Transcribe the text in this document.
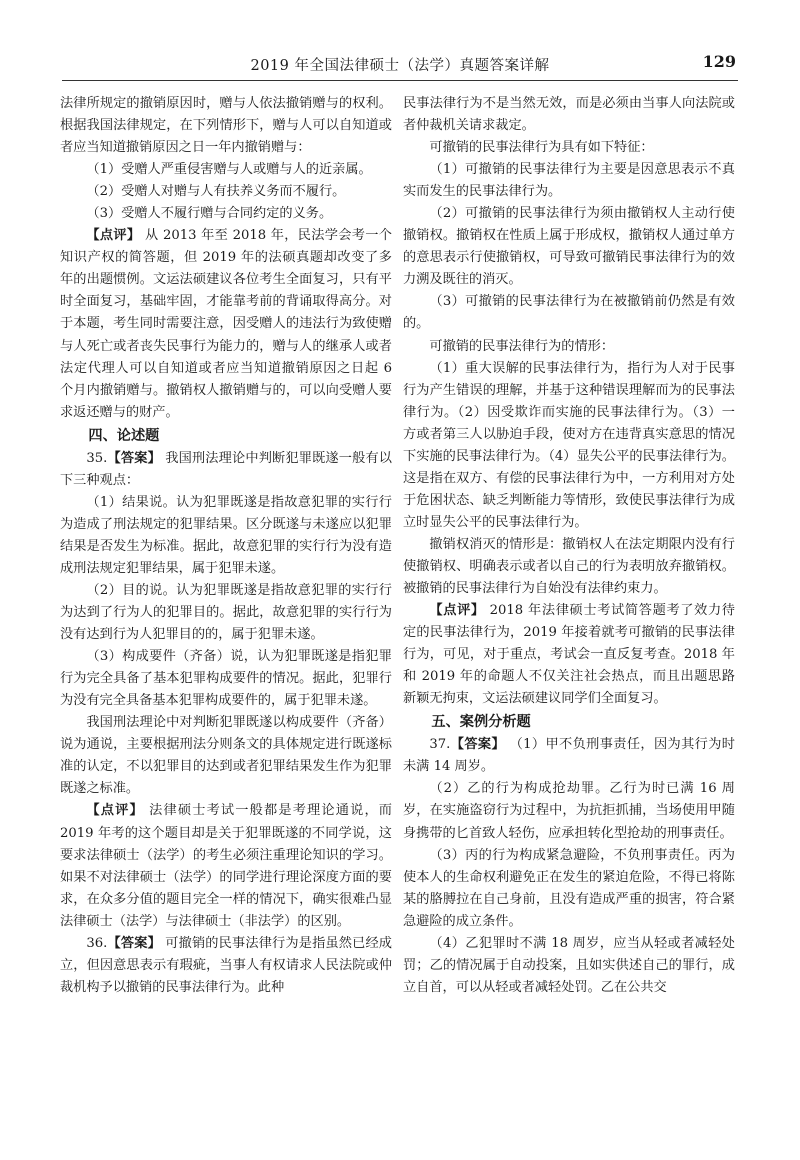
2019 年全国法律硕士（法学）真题答案详解	129

法律所规定的撤销原因时，赠与人依法撤销赠与的权利。根据我国法律规定，在下列情形下，赠与人可以自知道或者应当知道撤销原因之日一年内撤销赠与：

（1）受赠人严重侵害赠与人或赠与人的近亲属。

（2）受赠人对赠与人有扶养义务而不履行。

（3）受赠人不履行赠与合同约定的义务。

【点评】 从 2013 年至 2018 年，民法学会考一个知识产权的简答题，但 2019 年的法硕真题却改变了多年的出题惯例。文运法硕建议各位考生全面复习，只有平时全面复习，基础牢固，才能靠考前的背诵取得高分。对于本题，考生同时需要注意，因受赠人的违法行为致使赠与人死亡或者丧失民事行为能力的，赠与人的继承人或者法定代理人可以自知道或者应当知道撤销原因之日起 6 个月内撤销赠与。撤销权人撤销赠与的，可以向受赠人要求返还赠与的财产。

四、论述题

35.【答案】 我国刑法理论中判断犯罪既遂一般有以下三种观点：

（1）结果说。认为犯罪既遂是指故意犯罪的实行行为造成了刑法规定的犯罪结果。区分既遂与未遂应以犯罪结果是否发生为标准。据此，故意犯罪的实行行为没有造成刑法规定犯罪结果，属于犯罪未遂。

（2）目的说。认为犯罪既遂是指故意犯罪的实行行为达到了行为人的犯罪目的。据此，故意犯罪的实行行为没有达到行为人犯罪目的的，属于犯罪未遂。

（3）构成要件（齐备）说，认为犯罪既遂是指犯罪行为完全具备了基本犯罪构成要件的情况。据此，犯罪行为没有完全具备基本犯罪构成要件的，属于犯罪未遂。

我国刑法理论中对判断犯罪既遂以构成要件（齐备）说为通说，主要根据刑法分则条文的具体规定进行既遂标准的认定，不以犯罪目的达到或者犯罪结果发生作为犯罪既遂之标准。

【点评】 法律硕士考试一般都是考理论通说，而 2019 年考的这个题目却是关于犯罪既遂的不同学说，这要求法律硕士（法学）的考生必须注重理论知识的学习。如果不对法律硕士（法学）的同学进行理论深度方面的要求，在众多分值的题目完全一样的情况下，确实很难凸显法律硕士（法学）与法律硕士（非法学）的区别。

36.【答案】 可撤销的民事法律行为是指虽然已经成立，但因意思表示有瑕疵，当事人有权请求人民法院或仲裁机构予以撤销的民事法律行为。此种

民事法律行为不是当然无效，而是必须由当事人向法院或者仲裁机关请求裁定。

可撤销的民事法律行为具有如下特征：

（1）可撤销的民事法律行为主要是因意思表示不真实而发生的民事法律行为。

（2）可撤销的民事法律行为须由撤销权人主动行使撤销权。撤销权在性质上属于形成权，撤销权人通过单方的意思表示行使撤销权，可导致可撤销民事法律行为的效力溯及既往的消灭。

（3）可撤销的民事法律行为在被撤销前仍然是有效的。

可撤销的民事法律行为的情形：

（1）重大误解的民事法律行为，指行为人对于民事行为产生错误的理解，并基于这种错误理解而为的民事法律行为。（2）因受欺诈而实施的民事法律行为。（3）一方或者第三人以胁迫手段，使对方在违背真实意思的情况下实施的民事法律行为。（4）显失公平的民事法律行为。这是指在双方、有偿的民事法律行为中，一方利用对方处于危困状态、缺乏判断能力等情形，致使民事法律行为成立时显失公平的民事法律行为。

撤销权消灭的情形是：撤销权人在法定期限内没有行使撤销权、明确表示或者以自己的行为表明放弃撤销权。被撤销的民事法律行为自始没有法律约束力。

【点评】 2018 年法律硕士考试简答题考了效力待定的民事法律行为，2019 年接着就考可撤销的民事法律行为，可见，对于重点，考试会一直反复考查。2018 年和 2019 年的命题人不仅关注社会热点，而且出题思路新颖无拘束，文运法硕建议同学们全面复习。

五、案例分析题

37.【答案】 （1）甲不负刑事责任，因为其行为时未满 14 周岁。

（2）乙的行为构成抢劫罪。乙行为时已满 16 周岁，在实施盗窃行为过程中，为抗拒抓捕，当场使用甲随身携带的匕首致人轻伤，应承担转化型抢劫的刑事责任。

（3）丙的行为构成紧急避险，不负刑事责任。丙为使本人的生命权利避免正在发生的紧迫危险，不得已将陈某的胳膊拉在自己身前，且没有造成严重的损害，符合紧急避险的成立条件。

（4）乙犯罪时不满 18 周岁，应当从轻或者减轻处罚；乙的情况属于自动投案，且如实供述自己的罪行，成立自首，可以从轻或者减轻处罚。乙在公共交
